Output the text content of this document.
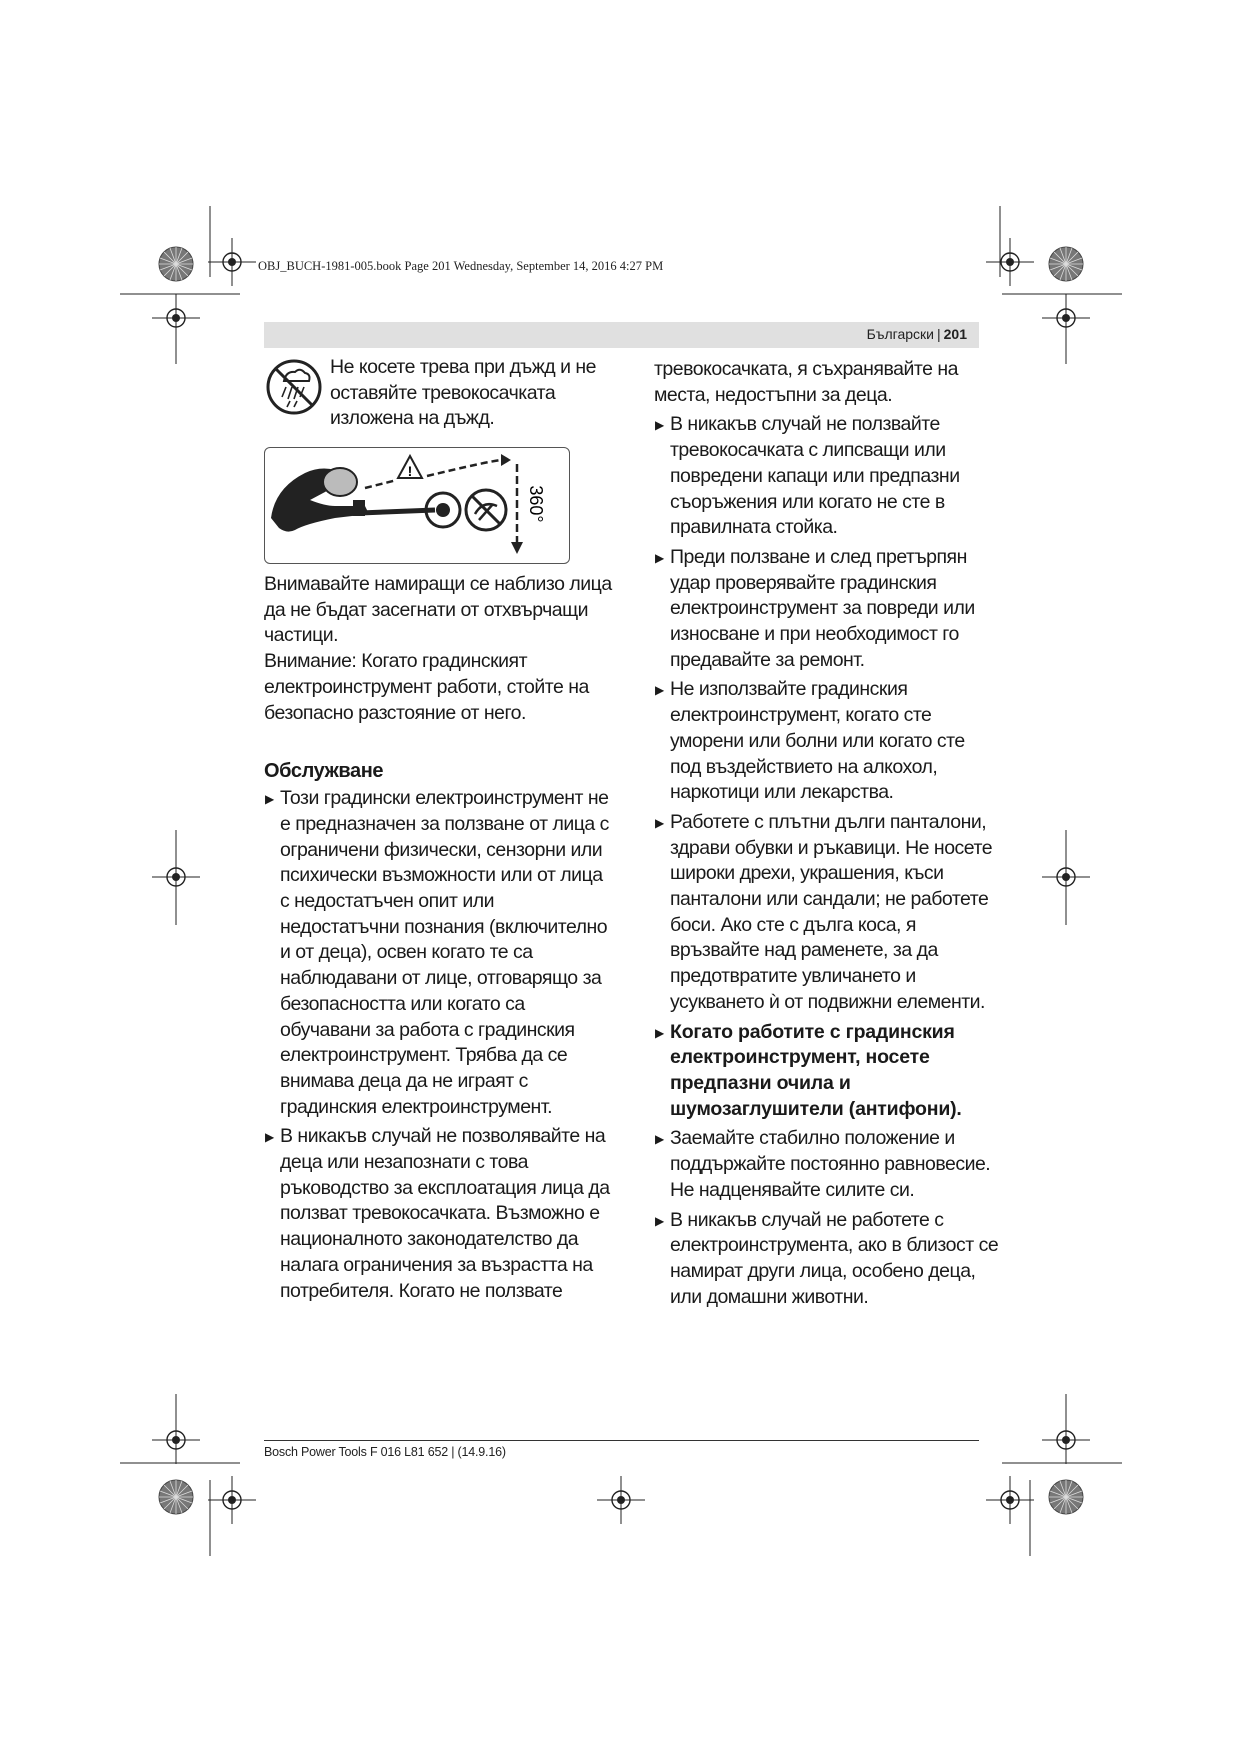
OBJ_BUCH-1981-005.book Page 201 Wednesday, September 14, 2016 4:27 PM
Български | 201
Не косете трева при дъжд и не оставяйте тревокосачката изложена на дъжд.
!
360°
Внимавайте намиращи се наблизо лица да не бъдат засегнати от отхвърчащи частици.
Внимание: Когато градинският електроинструмент работи, стойте на безопасно разстояние от него.
Обслужване
▶ Този градински електроинструмент не е предназначен за ползване от лица с ограничени физически, сензорни или психически възможности или от лица с недостатъчен опит или недостатъчни познания (включително и от деца), освен когато те са наблюдавани от лице, отговарящо за безопасността или когато са обучавани за работа с градинския електроинструмент. Трябва да се внимава деца да не играят с градинския електроинструмент.
▶ В никакъв случай не позволявайте на деца или незапознати с това ръководство за експлоатация лица да ползват тревокосачката. Възможно е националното законодателство да налага ограничения за възрастта на потребителя. Когато не ползвате
тревокосачката, я съхранявайте на места, недостъпни за деца.
▶ В никакъв случай не ползвайте тревокосачката с липсващи или повредени капаци или предпазни съоръжения или когато не сте в правилната стойка.
▶ Преди ползване и след претърпян удар проверявайте градинския електроинструмент за повреди или износване и при необходимост го предавайте за ремонт.
▶ Не използвайте градинския електроинструмент, когато сте уморени или болни или когато сте под въздействието на алкохол, наркотици или лекарства.
▶ Работете с плътни дълги панталони, здрави обувки и ръкавици. Не носете широки дрехи, украшения, къси панталони или сандали; не работете боси. Ако сте с дълга коса, я връзвайте над раменете, за да предотвратите увличането и усукването ѝ от подвижни елементи.
▶ Когато работите с градинския електроинструмент, носете предпазни очила и шумозаглушители (антифони).
▶ Заемайте стабилно положение и поддържайте постоянно равновесие. Не надценявайте силите си.
▶ В никакъв случай не работете с електроинструмента, ако в близост се намират други лица, особено деца, или домашни животни.
Bosch Power Tools F 016 L81 652 | (14.9.16)
